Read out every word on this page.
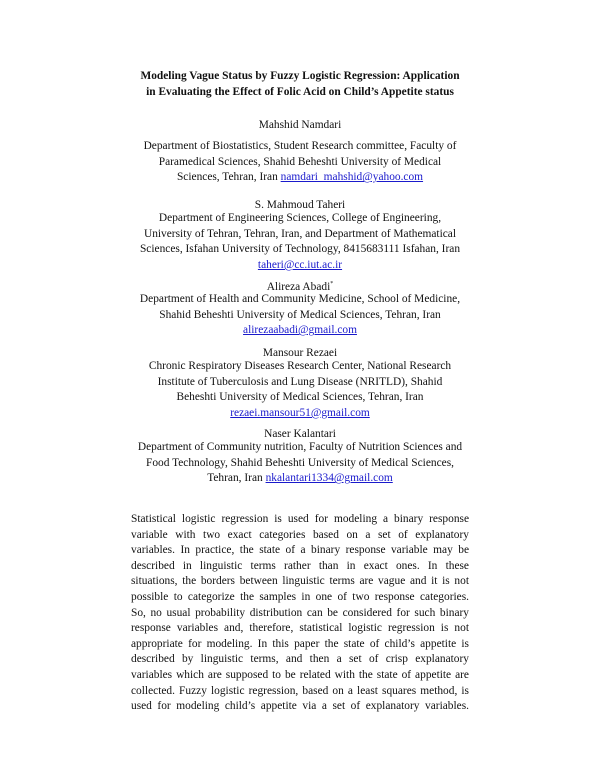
Modeling Vague Status by Fuzzy Logistic Regression: Application
in Evaluating the Effect of Folic Acid on Child’s Appetite status
Mahshid Namdari
Department of Biostatistics, Student Research committee, Faculty of
Paramedical Sciences, Shahid Beheshti University of Medical
Sciences, Tehran, Iran namdari_mahshid@yahoo.com
S. Mahmoud Taheri
Department of Engineering Sciences, College of Engineering,
University of Tehran, Tehran, Iran, and Department of Mathematical
Sciences, Isfahan University of Technology, 8415683111 Isfahan, Iran
taheri@cc.iut.ac.ir
Alireza Abadi*
Department of Health and Community Medicine, School of Medicine,
Shahid Beheshti University of Medical Sciences, Tehran, Iran
alirezaabadi@gmail.com
Mansour Rezaei
Chronic Respiratory Diseases Research Center, National Research
Institute of Tuberculosis and Lung Disease (NRITLD), Shahid
Beheshti University of Medical Sciences, Tehran, Iran
rezaei.mansour51@gmail.com
Naser Kalantari
Department of Community nutrition, Faculty of Nutrition Sciences and
Food Technology, Shahid Beheshti University of Medical Sciences,
Tehran, Iran nkalantari1334@gmail.com
Statistical logistic regression is used for modeling a binary response
variable with two exact categories based on a set of explanatory
variables. In practice, the state of a binary response variable may be
described in linguistic terms rather than in exact ones. In these
situations, the borders between linguistic terms are vague and it is not
possible to categorize the samples in one of two response categories.
So, no usual probability distribution can be considered for such binary
response variables and, therefore, statistical logistic regression is not
appropriate for modeling. In this paper the state of child’s appetite is
described by linguistic terms, and then a set of crisp explanatory
variables which are supposed to be related with the state of appetite are
collected. Fuzzy logistic regression, based on a least squares method, is
used for modeling child’s appetite via a set of explanatory variables.
